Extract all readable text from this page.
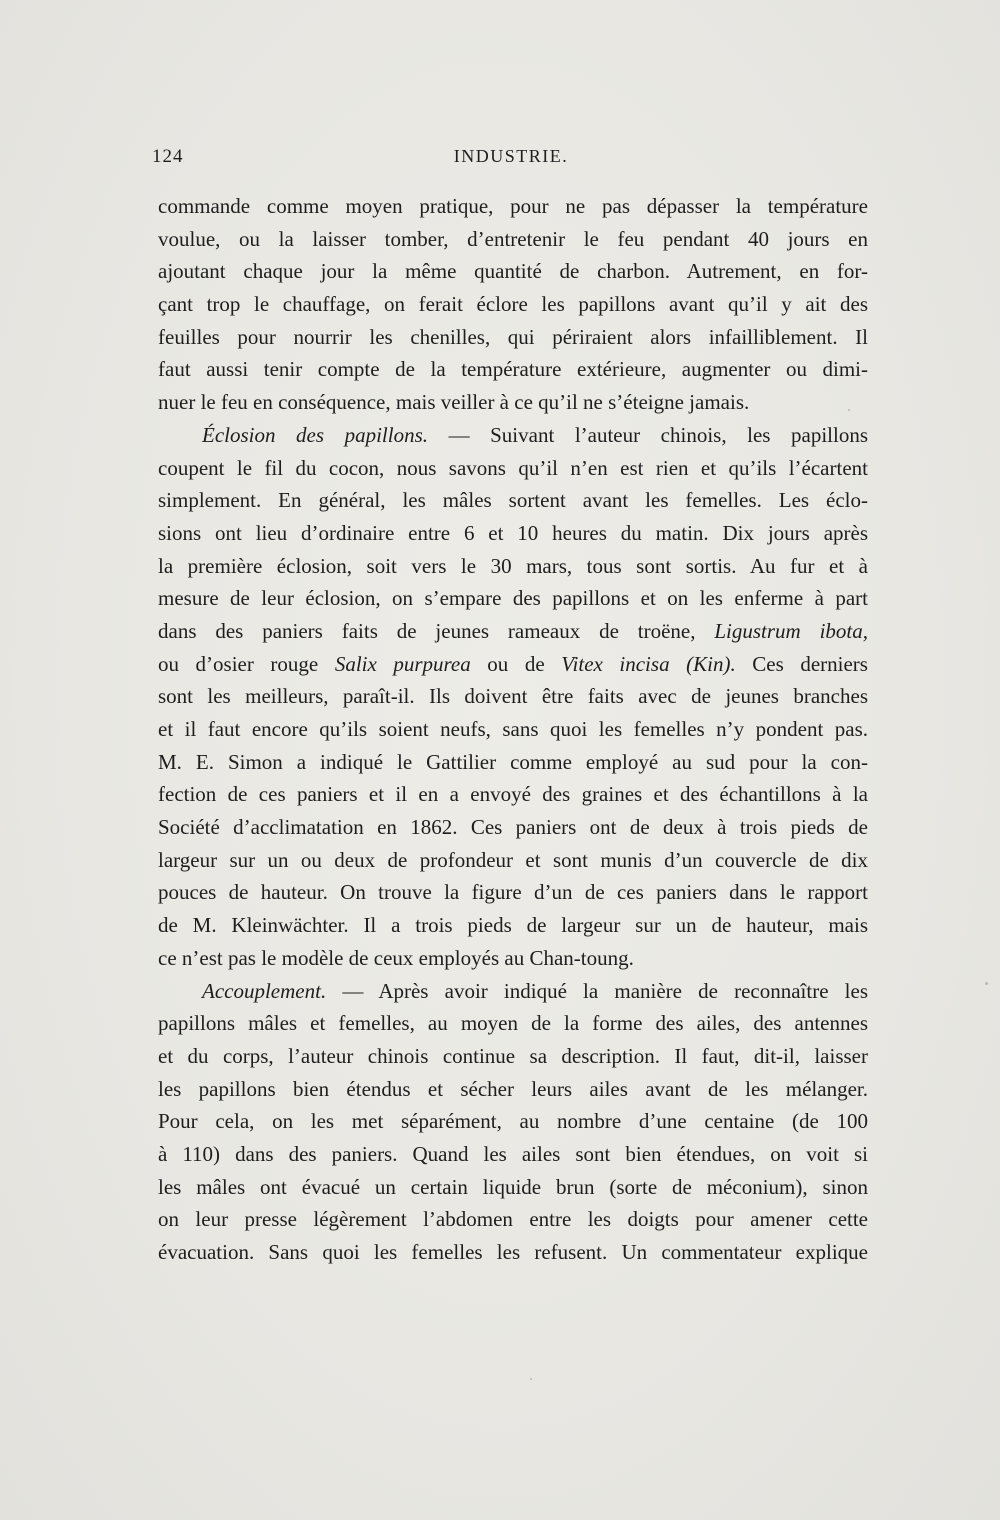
124	INDUSTRIE.
commande comme moyen pratique, pour ne pas dépasser la température
voulue, ou la laisser tomber, d’entretenir le feu pendant 40 jours en
ajoutant chaque jour la même quantité de charbon. Autrement, en for-
çant trop le chauffage, on ferait éclore les papillons avant qu’il y ait des
feuilles pour nourrir les chenilles, qui périraient alors infailliblement. Il
faut aussi tenir compte de la température extérieure, augmenter ou dimi-
nuer le feu en conséquence, mais veiller à ce qu’il ne s’éteigne jamais.
Éclosion des papillons. — Suivant l’auteur chinois, les papillons
coupent le fil du cocon, nous savons qu’il n’en est rien et qu’ils l’écartent
simplement. En général, les mâles sortent avant les femelles. Les éclo-
sions ont lieu d’ordinaire entre 6 et 10 heures du matin. Dix jours après
la première éclosion, soit vers le 30 mars, tous sont sortis. Au fur et à
mesure de leur éclosion, on s’empare des papillons et on les enferme à part
dans des paniers faits de jeunes rameaux de troëne, Ligustrum ibota,
ou d’osier rouge Salix purpurea ou de Vitex incisa (Kin). Ces derniers
sont les meilleurs, paraît-il. Ils doivent être faits avec de jeunes branches
et il faut encore qu’ils soient neufs, sans quoi les femelles n’y pondent pas.
M. E. Simon a indiqué le Gattilier comme employé au sud pour la con-
fection de ces paniers et il en a envoyé des graines et des échantillons à la
Société d’acclimatation en 1862. Ces paniers ont de deux à trois pieds de
largeur sur un ou deux de profondeur et sont munis d’un couvercle de dix
pouces de hauteur. On trouve la figure d’un de ces paniers dans le rapport
de M. Kleinwächter. Il a trois pieds de largeur sur un de hauteur, mais
ce n’est pas le modèle de ceux employés au Chan-toung.
Accouplement. — Après avoir indiqué la manière de reconnaître les
papillons mâles et femelles, au moyen de la forme des ailes, des antennes
et du corps, l’auteur chinois continue sa description. Il faut, dit-il, laisser
les papillons bien étendus et sécher leurs ailes avant de les mélanger.
Pour cela, on les met séparément, au nombre d’une centaine (de 100
à 110) dans des paniers. Quand les ailes sont bien étendues, on voit si
les mâles ont évacué un certain liquide brun (sorte de méconium), sinon
on leur presse légèrement l’abdomen entre les doigts pour amener cette
évacuation. Sans quoi les femelles les refusent. Un commentateur explique
